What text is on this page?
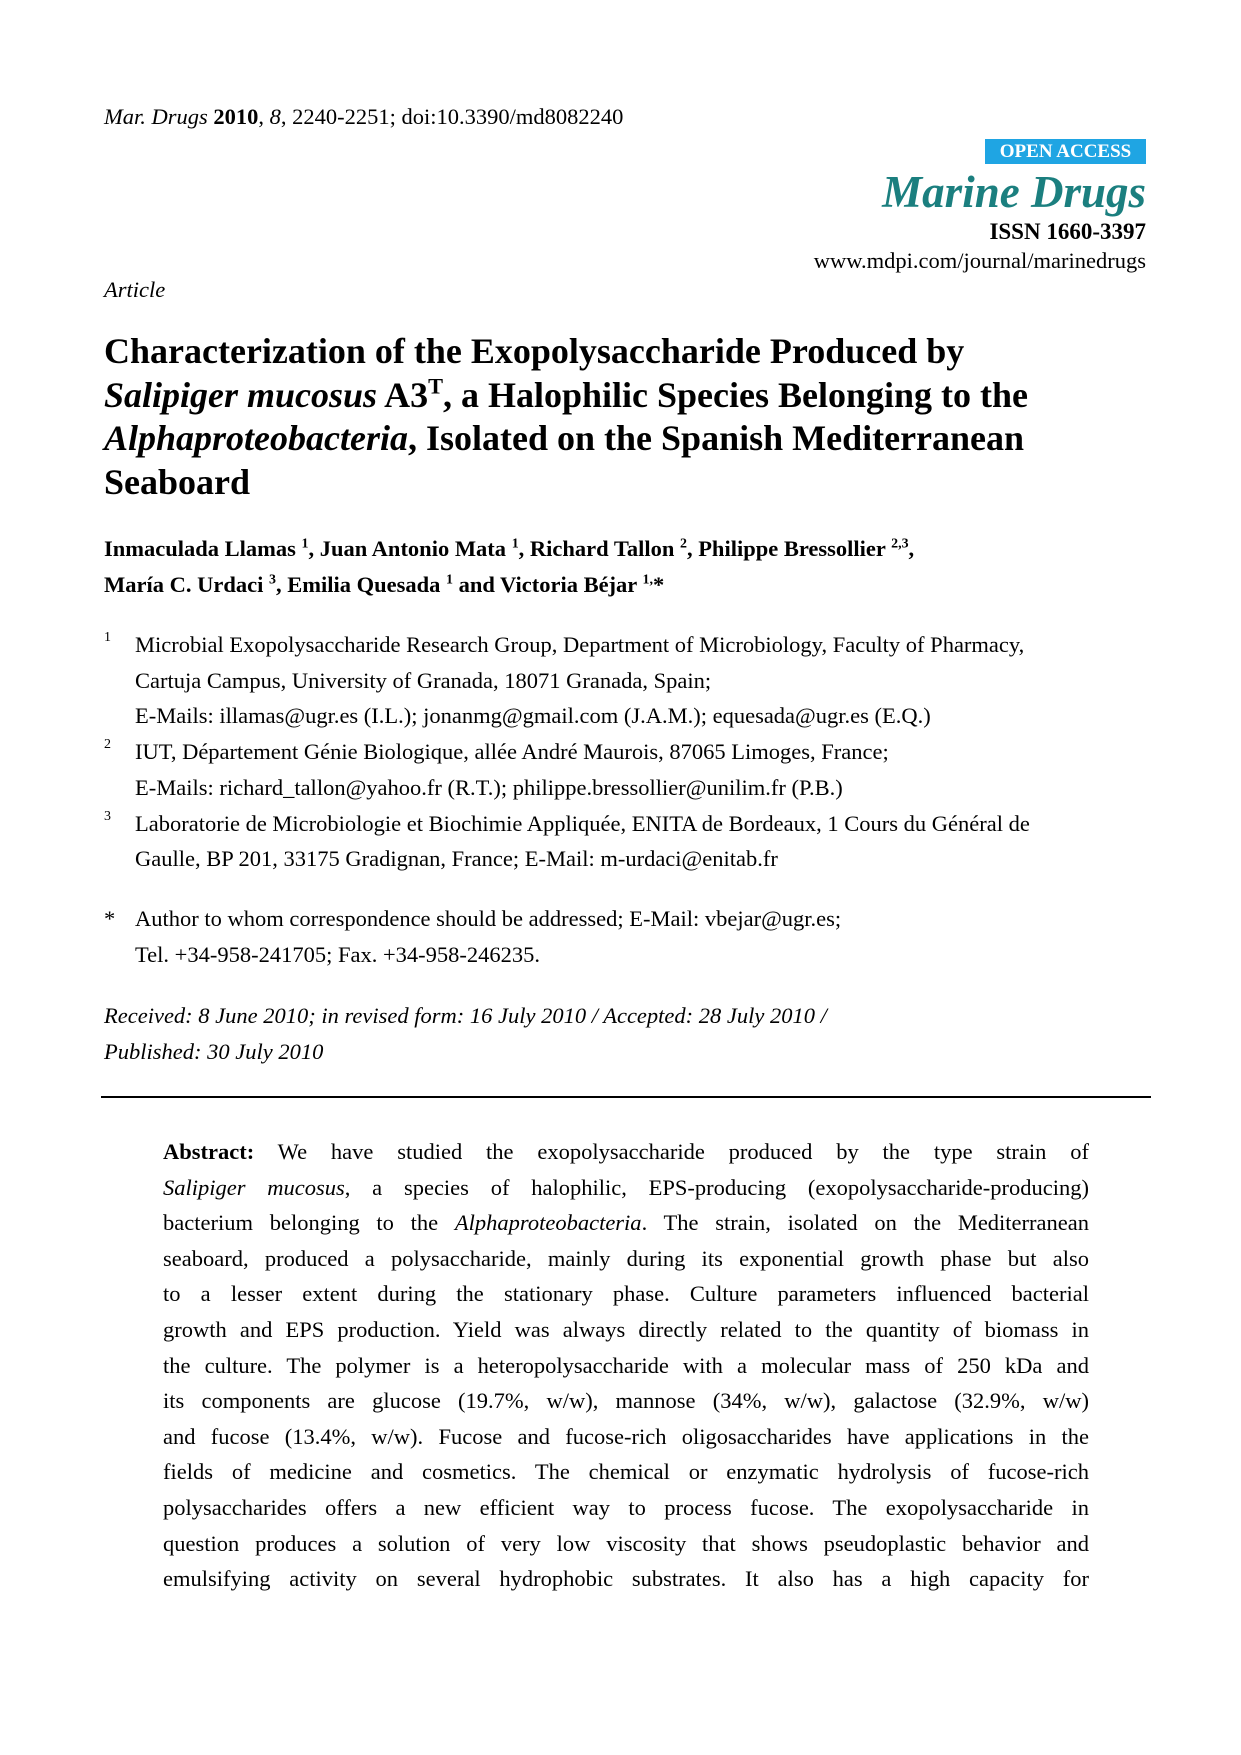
Mar. Drugs 2010, 8, 2240-2251; doi:10.3390/md8082240
OPEN ACCESS
Marine Drugs
ISSN 1660-3397
www.mdpi.com/journal/marinedrugs
Article
Characterization of the Exopolysaccharide Produced by
Salipiger mucosus $A3^T$, a Halophilic Species Belonging to the
Alphaproteobacteria, Isolated on the Spanish Mediterranean
Seaboard
Inmaculada Llamas $^1$, Juan Antonio Mata $^1$, Richard Tallon $^2$, Philippe Bressollier $^{2,3}$,
María C. Urdaci $^3$, Emilia Quesada $^1$ and Victoria Béjar $^{1,}$*
1 Microbial Exopolysaccharide Research Group, Department of Microbiology, Faculty of Pharmacy,
Cartuja Campus, University of Granada, 18071 Granada, Spain;
E-Mails: illamas@ugr.es (I.L.); jonanmg@gmail.com (J.A.M.); equesada@ugr.es (E.Q.)
2 IUT, Département Génie Biologique, allée André Maurois, 87065 Limoges, France;
E-Mails: richard_tallon@yahoo.fr (R.T.); philippe.bressollier@unilim.fr (P.B.)
3 Laboratorie de Microbiologie et Biochimie Appliquée, ENITA de Bordeaux, 1 Cours du Général de
Gaulle, BP 201, 33175 Gradignan, France; E-Mail: m-urdaci@enitab.fr
* Author to whom correspondence should be addressed; E-Mail: vbejar@ugr.es;
Tel. +34-958-241705; Fax. +34-958-246235.
Received: 8 June 2010; in revised form: 16 July 2010 / Accepted: 28 July 2010 /
Published: 30 July 2010
Abstract: We have studied the exopolysaccharide produced by the type strain of
Salipiger mucosus, a species of halophilic, EPS-producing (exopolysaccharide-producing)
bacterium belonging to the Alphaproteobacteria. The strain, isolated on the Mediterranean
seaboard, produced a polysaccharide, mainly during its exponential growth phase but also
to a lesser extent during the stationary phase. Culture parameters influenced bacterial
growth and EPS production. Yield was always directly related to the quantity of biomass in
the culture. The polymer is a heteropolysaccharide with a molecular mass of 250 kDa and
its components are glucose (19.7%, w/w), mannose (34%, w/w), galactose (32.9%, w/w)
and fucose (13.4%, w/w). Fucose and fucose-rich oligosaccharides have applications in the
fields of medicine and cosmetics. The chemical or enzymatic hydrolysis of fucose-rich
polysaccharides offers a new efficient way to process fucose. The exopolysaccharide in
question produces a solution of very low viscosity that shows pseudoplastic behavior and
emulsifying activity on several hydrophobic substrates. It also has a high capacity for
